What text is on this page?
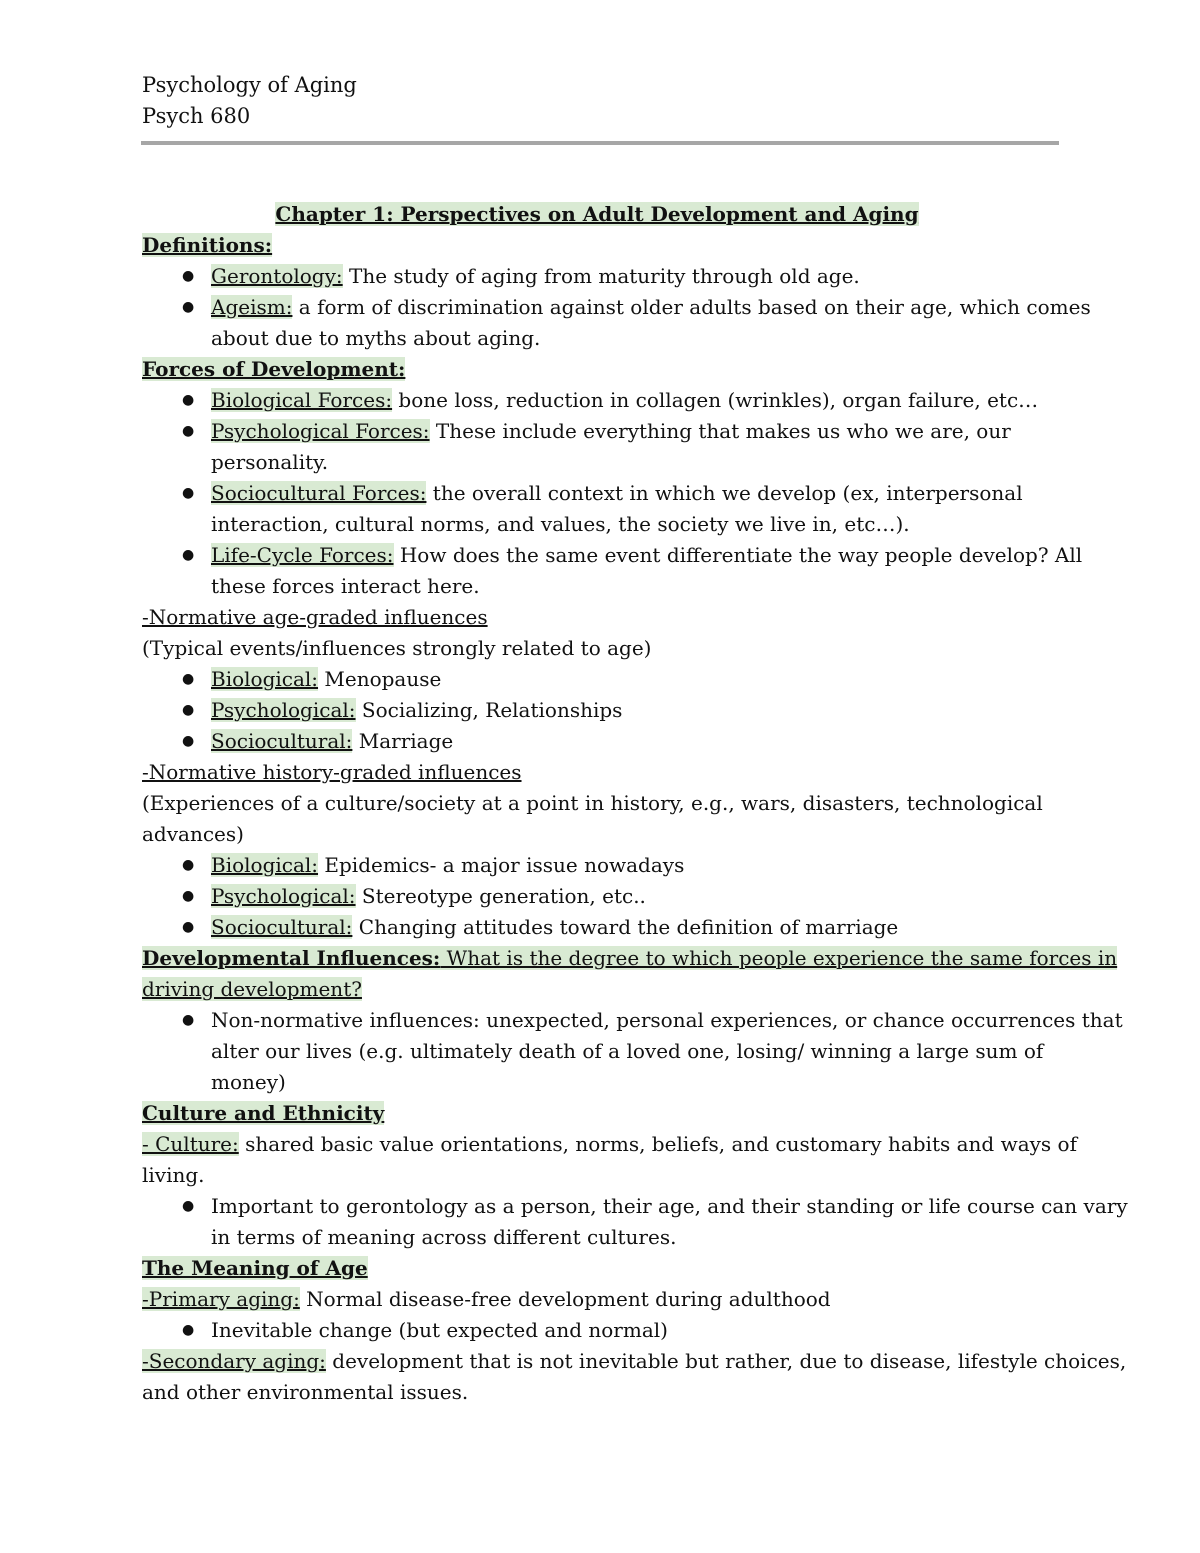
Psychology of Aging
Psych 680
Chapter 1: Perspectives on Adult Development and Aging
Definitions:
● Gerontology: The study of aging from maturity through old age.
● Ageism: a form of discrimination against older adults based on their age, which comes
about due to myths about aging.
Forces of Development:
● Biological Forces: bone loss, reduction in collagen (wrinkles), organ failure, etc…
● Psychological Forces: These include everything that makes us who we are, our
personality.
● Sociocultural Forces: the overall context in which we develop (ex, interpersonal
interaction, cultural norms, and values, the society we live in, etc…).
● Life-Cycle Forces: How does the same event differentiate the way people develop? All
these forces interact here.
-Normative age-graded influences
(Typical events/influences strongly related to age)
● Biological: Menopause
● Psychological: Socializing, Relationships
● Sociocultural: Marriage
-Normative history-graded influences
(Experiences of a culture/society at a point in history, e.g., wars, disasters, technological
advances)
● Biological: Epidemics- a major issue nowadays
● Psychological: Stereotype generation, etc..
● Sociocultural: Changing attitudes toward the definition of marriage
Developmental Influences: What is the degree to which people experience the same forces in
driving development?
● Non-normative influences: unexpected, personal experiences, or chance occurrences that
alter our lives (e.g. ultimately death of a loved one, losing/ winning a large sum of
money)
Culture and Ethnicity
- Culture: shared basic value orientations, norms, beliefs, and customary habits and ways of
living.
● Important to gerontology as a person, their age, and their standing or life course can vary
in terms of meaning across different cultures.
The Meaning of Age
-Primary aging: Normal disease-free development during adulthood
● Inevitable change (but expected and normal)
-Secondary aging: development that is not inevitable but rather, due to disease, lifestyle choices,
and other environmental issues.
